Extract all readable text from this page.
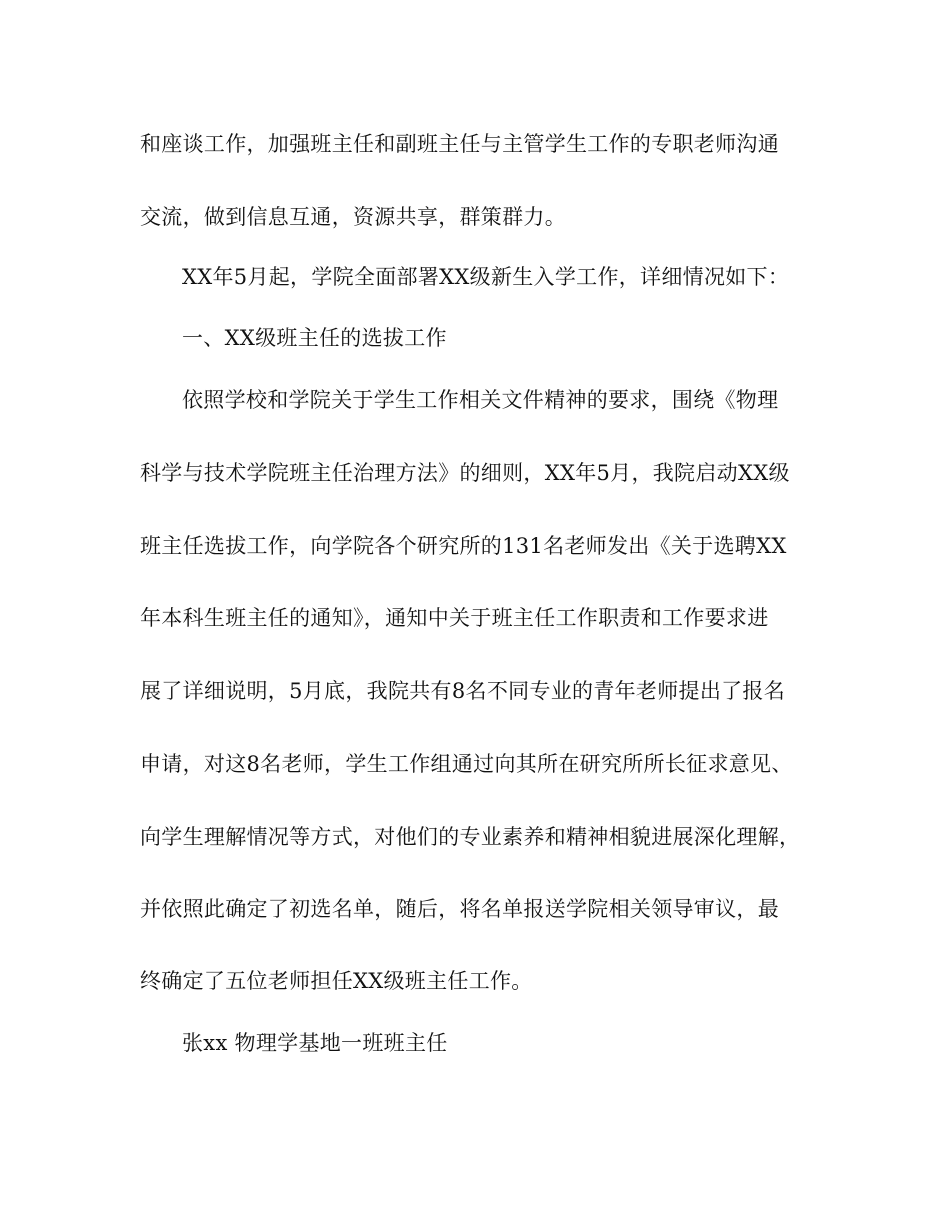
和座谈工作，加强班主任和副班主任与主管学生工作的专职老师沟通
交流，做到信息互通，资源共享，群策群力。
XX年5月起，学院全面部署XX级新生入学工作，详细情况如下：
一、XX级班主任的选拔工作
依照学校和学院关于学生工作相关文件精神的要求，围绕《物理
科学与技术学院班主任治理方法》的细则，XX年5月，我院启动XX级
班主任选拔工作，向学院各个研究所的131名老师发出《关于选聘XX
年本科生班主任的通知》，通知中关于班主任工作职责和工作要求进
展了详细说明，5月底，我院共有8名不同专业的青年老师提出了报名
申请，对这8名老师，学生工作组通过向其所在研究所所长征求意见、
向学生理解情况等方式，对他们的专业素养和精神相貌进展深化理解，
并依照此确定了初选名单，随后，将名单报送学院相关领导审议，最
终确定了五位老师担任XX级班主任工作。
张xx 物理学基地一班班主任
